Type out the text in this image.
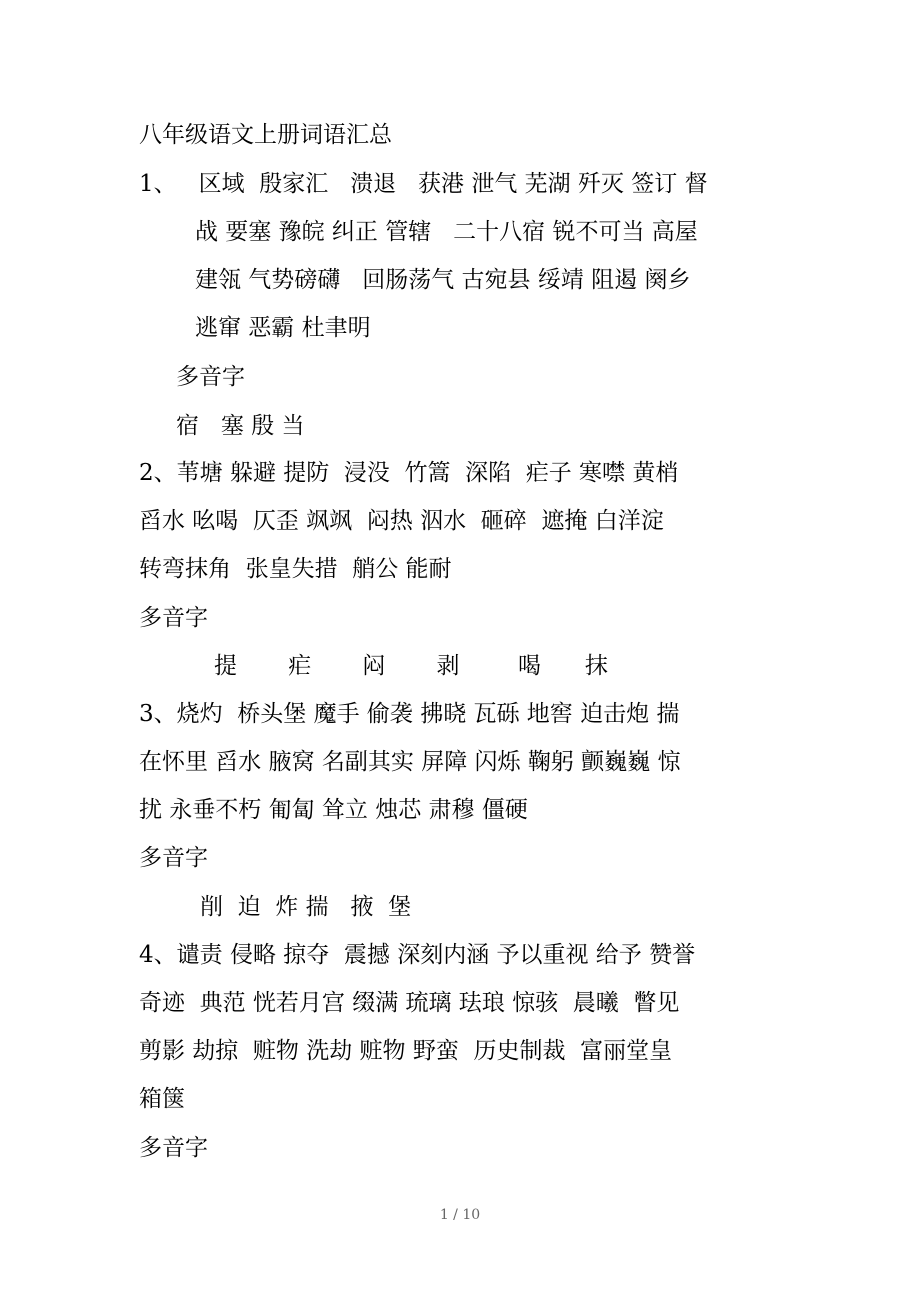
八年级语文上册词语汇总
1、   区域  殷家汇   溃退   获港 泄气 芜湖 歼灭 签订 督
战 要塞 豫皖 纠正 管辖   二十八宿 锐不可当 高屋
建瓴 气势磅礴   回肠荡气 古宛县 绥靖 阻遏 阕乡
逃窜 恶霸 杜聿明
多音字
宿   塞 殷 当
2、苇塘 躲避 提防  浸没  竹篙  深陷  疟子 寒噤 黄梢
舀水 吆喝  仄歪 飒飒  闷热 泅水  砸碎  遮掩 白洋淀
转弯抹角  张皇失措  艄公 能耐
多音字
提       疟       闷       剥        喝      抹
3、烧灼  桥头堡 魔手 偷袭 拂晓 瓦砾 地窖 迫击炮 揣
在怀里 舀水 腋窝 名副其实 屏障 闪烁 鞠躬 颤巍巍 惊
扰 永垂不朽 匍匐 耸立 烛芯 肃穆 僵硬
多音字
削  迫  炸 揣   掖  堡
4、谴责 侵略 掠夺  震撼 深刻内涵 予以重视 给予 赞誉
奇迹  典范 恍若月宫 缀满 琉璃 珐琅 惊骇  晨曦  瞥见
剪影 劫掠  赃物 洗劫 赃物 野蛮  历史制裁  富丽堂皇
箱箧
多音字
1 / 10
